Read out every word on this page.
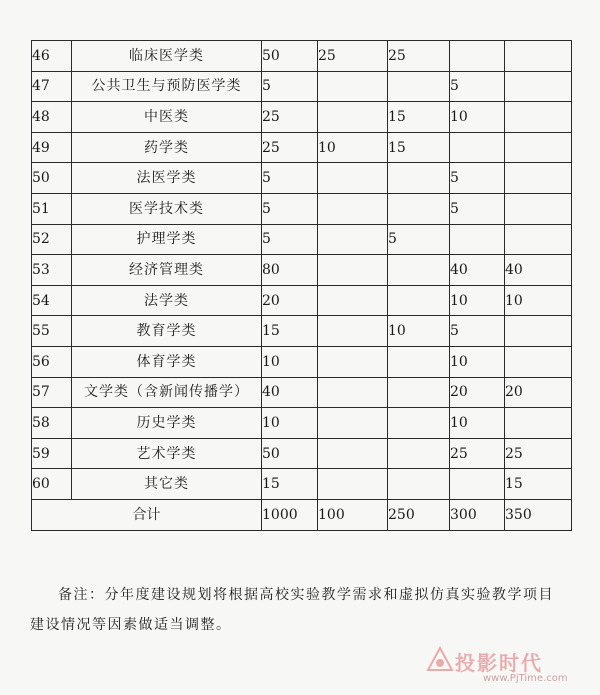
46	临床医学类	50	25	25		
47	公共卫生与预防医学类	5			5	
48	中医类	25		15	10	
49	药学类	25	10	15		
50	法医学类	5			5	
51	医学技术类	5			5	
52	护理学类	5		5		
53	经济管理类	80			40	40
54	法学类	20			10	10
55	教育学类	15		10	5	
56	体育学类	10			10	
57	文学类（含新闻传播学）	40			20	20
58	历史学类	10			10	
59	艺术学类	50			25	25
60	其它类	15				15
合计		1000	100	250	300	350

备注：分年度建设规划将根据高校实验教学需求和虚拟仿真实验教学项目建设情况等因素做适当调整。

投影时代
www.PjTime.com
